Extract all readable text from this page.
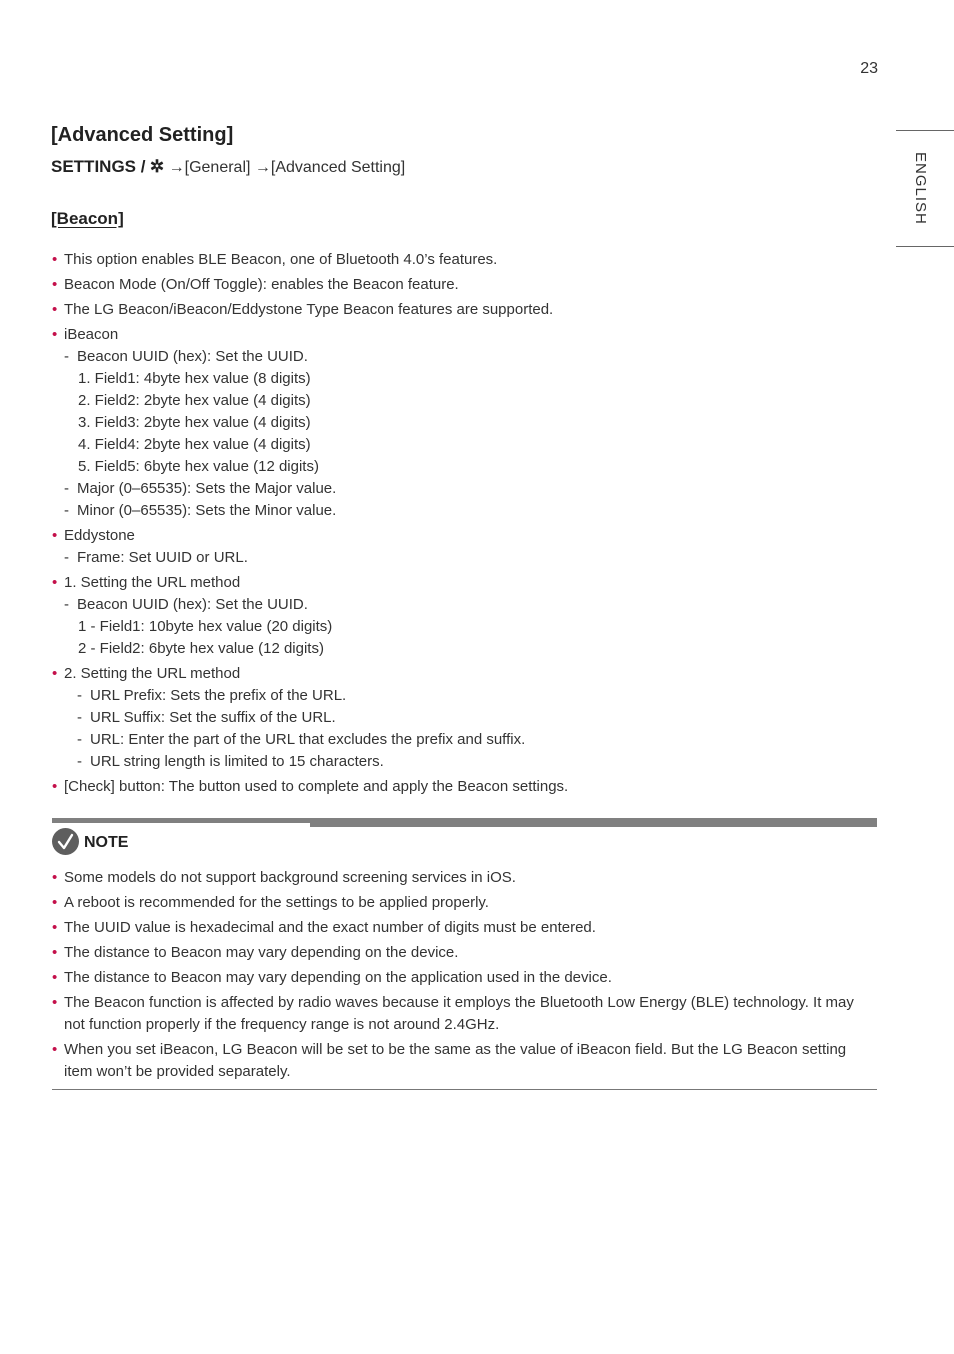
23
ENGLISH
[Advanced Setting]
SETTINGS / ✲ →[General] →[Advanced Setting]
[Beacon]
• This option enables BLE Beacon, one of Bluetooth 4.0’s features.
• Beacon Mode (On/Off Toggle): enables the Beacon feature.
• The LG Beacon/iBeacon/Eddystone Type Beacon features are supported.
• iBeacon
- Beacon UUID (hex): Set the UUID.
1. Field1: 4byte hex value (8 digits)
2. Field2: 2byte hex value (4 digits)
3. Field3: 2byte hex value (4 digits)
4. Field4: 2byte hex value (4 digits)
5. Field5: 6byte hex value (12 digits)
- Major (0–65535): Sets the Major value.
- Minor (0–65535): Sets the Minor value.
• Eddystone
- Frame: Set UUID or URL.
• 1. Setting the URL method
- Beacon UUID (hex): Set the UUID.
1 - Field1: 10byte hex value (20 digits)
2 - Field2: 6byte hex value (12 digits)
• 2. Setting the URL method
- URL Prefix: Sets the prefix of the URL.
- URL Suffix: Set the suffix of the URL.
- URL: Enter the part of the URL that excludes the prefix and suffix.
- URL string length is limited to 15 characters.
• [Check] button: The button used to complete and apply the Beacon settings.
NOTE
• Some models do not support background screening services in iOS.
• A reboot is recommended for the settings to be applied properly.
• The UUID value is hexadecimal and the exact number of digits must be entered.
• The distance to Beacon may vary depending on the device.
• The distance to Beacon may vary depending on the application used in the device.
• The Beacon function is affected by radio waves because it employs the Bluetooth Low Energy (BLE) technology. It may not function properly if the frequency range is not around 2.4GHz.
• When you set iBeacon, LG Beacon will be set to be the same as the value of iBeacon field. But the LG Beacon setting item won’t be provided separately.
